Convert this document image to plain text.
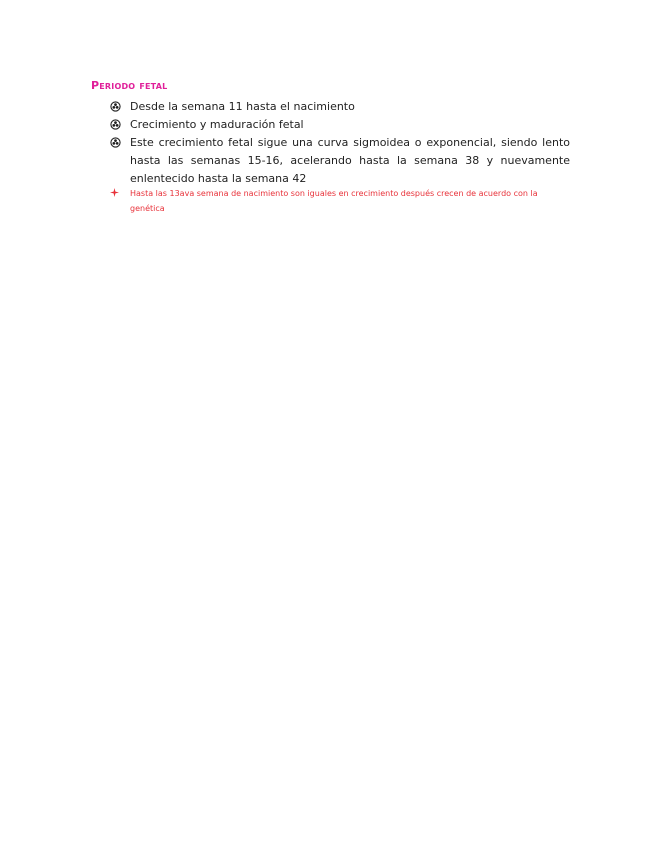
Periodo fetal
Desde la semana 11 hasta el nacimiento
Crecimiento y maduración fetal
Este crecimiento fetal sigue una curva sigmoidea o exponencial, siendo lento hasta las semanas 15-16, acelerando hasta la semana 38 y nuevamente enlentecido hasta la semana 42
Hasta las 13ava semana de nacimiento son iguales en crecimiento después crecen de acuerdo con la genética
